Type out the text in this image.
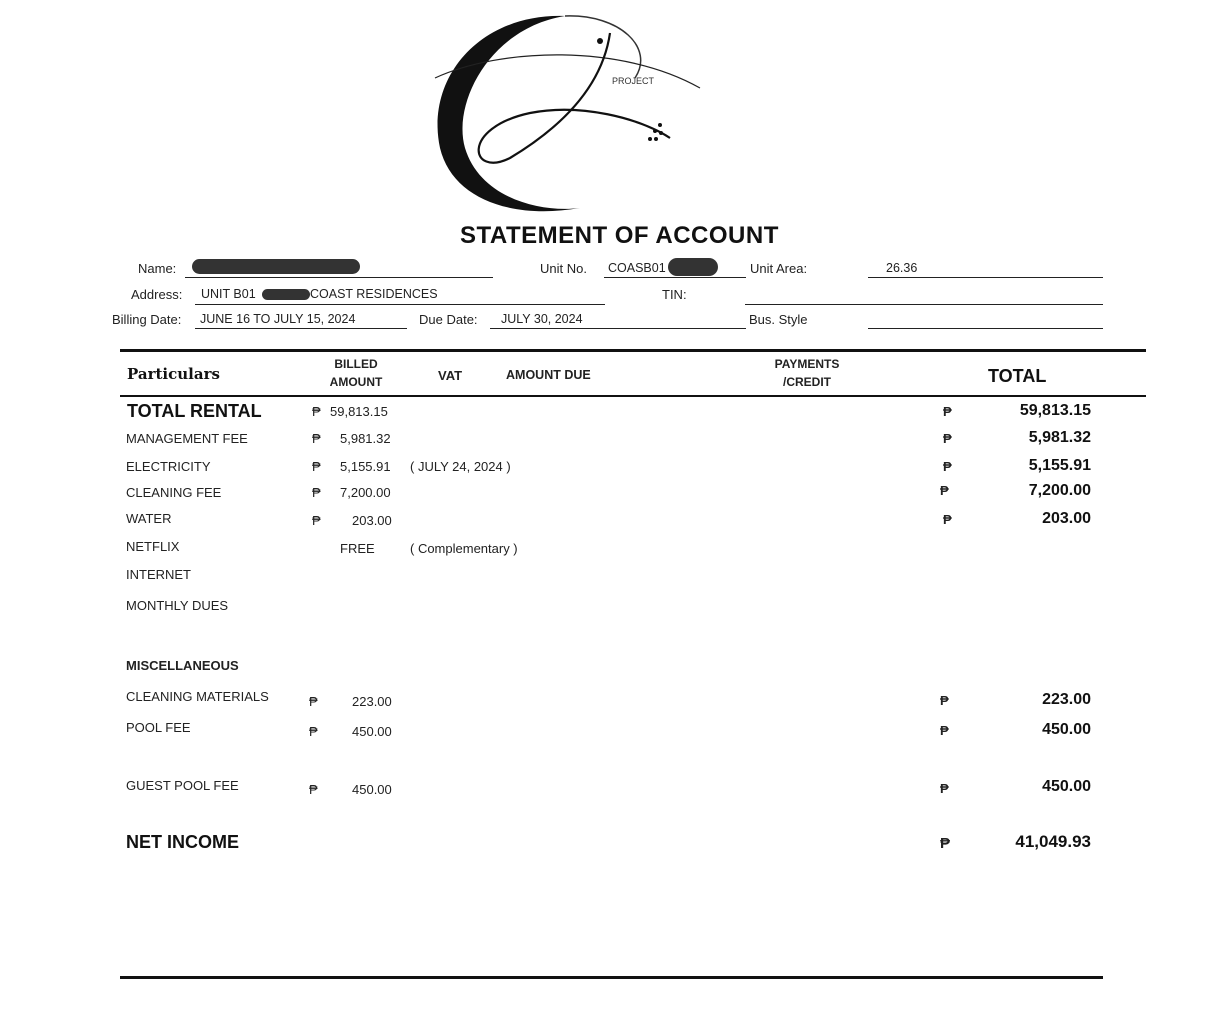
PROJECT
STATEMENT OF ACCOUNT
Name:	Unit No. COASB01	Unit Area:	26.36
Address: UNIT B01	COAST RESIDENCES	TIN:
Billing Date: JUNE 16 TO JULY 15, 2024	Due Date: JULY 30, 2024	Bus. Style
Particulars
BILLED
AMOUNT	VAT	AMOUNT DUE
PAYMENTS
/CREDIT	TOTAL
TOTAL RENTAL	₱ 59,813.15	₱	59,813.15
MANAGEMENT FEE	₱ 5,981.32	₱	5,981.32
ELECTRICITY	₱ 5,155.91 ( JULY 24, 2024 )	₱	5,155.91
CLEANING FEE	₱ 7,200.00	₱	7,200.00
WATER	₱ 203.00	₱	203.00
NETFLIX	FREE	( Complementary )
INTERNET
MONTHLY DUES
MISCELLANEOUS
CLEANING MATERIALS	₱	223.00	₱	223.00
POOL FEE	₱	450.00	₱	450.00
GUEST POOL FEE	₱	450.00	₱	450.00
NET INCOME	₱	41,049.93
